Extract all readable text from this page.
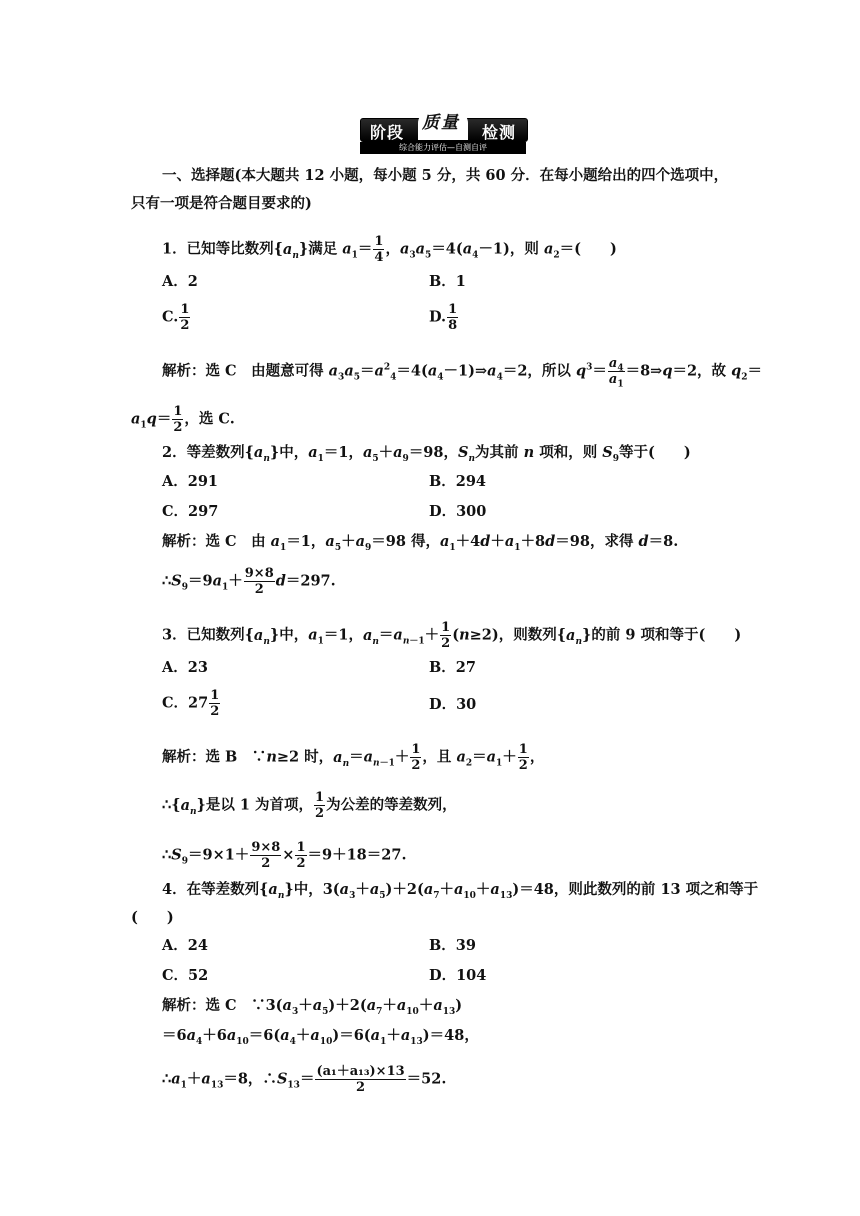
阶段 质量 检测
综合能力评估—自测自评
一、选择题(本大题共 12 小题，每小题 5 分，共 60 分．在每小题给出的四个选项中，
只有一项是符合题目要求的)
1．已知等比数列$\{a_n\}$满足 $a_1= \frac{1}{4}$ ，$a_3a_5=4(a_4-1)$，则 $a_2=$(　　)
A．2	B．1
C. $\frac{1}{2}$	D. $\frac{1}{8}$
解析：选 C　由题意可得 $a_3a_5=a^2_4=4(a_4-1)\Rightarrow a_4=2$，所以 $q^3= \frac{a_4}{a_1}$ ＝8⇒q＝2，故 $q_2=$
$a_1q= \frac{1}{2}$ ，选 C.
2．等差数列$\{a_n\}$中，$a_1=1$，$a_5+a_9=98$，$S_n$为其前 n 项和，则 $S_9$等于(　　)
A．291	B．294
C．297	D．300
解析：选 C　由 $a_1=1$，$a_5+a_9=98$ 得，$a_1+4d+a_1+8d=98$，求得 d＝8.
$\therefore S_9=9a_1+ \frac{9\times 8}{2} d=297$.
3．已知数列$\{a_n\}$中，$a_1=1$，$a_n=a_{n-1}+ \frac{1}{2} (n\ge 2)$，则数列$\{a_n\}$的前 9 项和等于(　　)
A．23	B．27
C．$27 \frac{1}{2}$	D．30
解析：选 B　∵n≥2 时，$a_n=a_{n-1}+ \frac{1}{2}$ ，且 $a_2=a_1+ \frac{1}{2}$ ，
$\therefore\{a_n\}$是以 1 为首项， $\frac{1}{2}$ 为公差的等差数列，
$\therefore S_9=9\times 1+ \frac{9\times 8}{2} \times \frac{1}{2} =9+18=27$.
4．在等差数列$\{a_n\}$中，$3(a_3+a_5)+2(a_7+a_{10}+a_{13})=48$，则此数列的前 13 项之和等于
(　　)
A．24	B．39
C．52	D．104
解析：选 C　$\because 3(a_3+a_5)+2(a_7+a_{10}+a_{13})$
$=6a_4+6a_{10}=6(a_4+a_{10})=6(a_1+a_{13})=48$，
$\therefore a_1+a_{13}=8$，$\therefore S_{13}= \frac{\text{(a₁＋a₁₃)×13}}{2} =52$.
